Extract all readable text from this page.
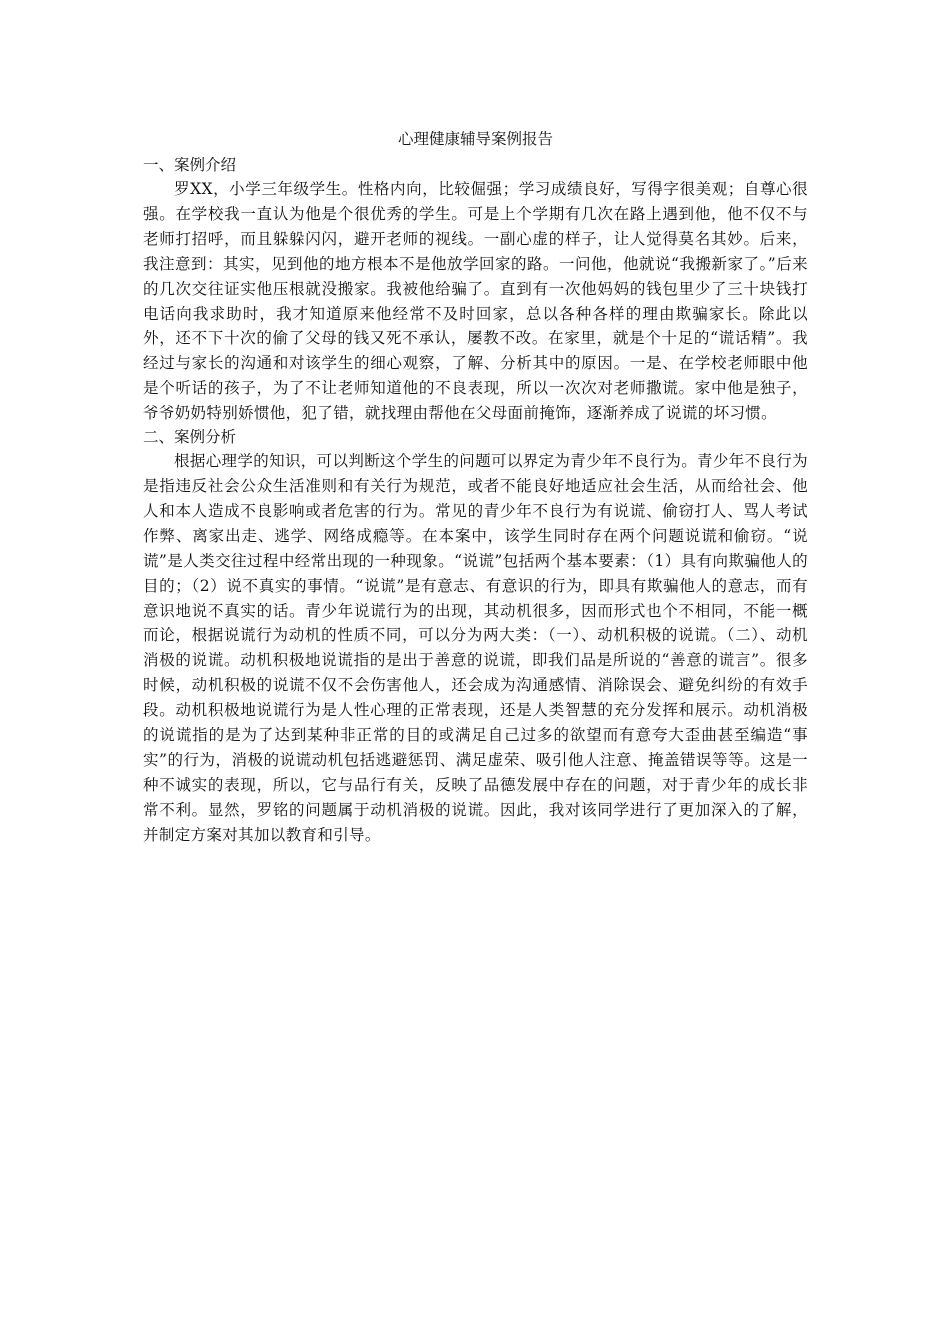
心理健康辅导案例报告
一、案例介绍

罗XX，小学三年级学生。性格内向，比较倔强；学习成绩良好，写得字很美观；自尊心很强。在学校我一直认为他是个很优秀的学生。可是上个学期有几次在路上遇到他，他不仅不与老师打招呼，而且躲躲闪闪，避开老师的视线。一副心虚的样子，让人觉得莫名其妙。后来，我注意到：其实，见到他的地方根本不是他放学回家的路。一问他，他就说“我搬新家了。”后来的几次交往证实他压根就没搬家。我被他给骗了。直到有一次他妈妈的钱包里少了三十块钱打电话向我求助时，我才知道原来他经常不及时回家，总以各种各样的理由欺骗家长。除此以外，还不下十次的偷了父母的钱又死不承认，屡教不改。在家里，就是个十足的“谎话精”。我经过与家长的沟通和对该学生的细心观察，了解、分析其中的原因。一是、在学校老师眼中他是个听话的孩子，为了不让老师知道他的不良表现，所以一次次对老师撒谎。家中他是独子，爷爷奶奶特别娇惯他，犯了错，就找理由帮他在父母面前掩饰，逐渐养成了说谎的坏习惯。

二、案例分析

根据心理学的知识，可以判断这个学生的问题可以界定为青少年不良行为。青少年不良行为是指违反社会公众生活准则和有关行为规范，或者不能良好地适应社会生活，从而给社会、他人和本人造成不良影响或者危害的行为。常见的青少年不良行为有说谎、偷窃打人、骂人考试作弊、离家出走、逃学、网络成瘾等。在本案中，该学生同时存在两个问题说谎和偷窃。“说谎”是人类交往过程中经常出现的一种现象。“说谎”包括两个基本要素：（1）具有向欺骗他人的目的；（2）说不真实的事情。“说谎”是有意志、有意识的行为，即具有欺骗他人的意志，而有意识地说不真实的话。青少年说谎行为的出现，其动机很多，因而形式也个不相同，不能一概而论，根据说谎行为动机的性质不同，可以分为两大类：（一）、动机积极的说谎。（二）、动机消极的说谎。动机积极地说谎指的是出于善意的说谎，即我们品是所说的“善意的谎言”。很多时候，动机积极的说谎不仅不会伤害他人，还会成为沟通感情、消除误会、避免纠纷的有效手段。动机积极地说谎行为是人性心理的正常表现，还是人类智慧的充分发挥和展示。动机消极的说谎指的是为了达到某种非正常的目的或满足自己过多的欲望而有意夸大歪曲甚至编造“事实”的行为，消极的说谎动机包括逃避惩罚、满足虚荣、吸引他人注意、掩盖错误等等。这是一种不诚实的表现，所以，它与品行有关，反映了品德发展中存在的问题，对于青少年的成长非常不利。显然，罗铭的问题属于动机消极的说谎。因此，我对该同学进行了更加深入的了解，并制定方案对其加以教育和引导。
